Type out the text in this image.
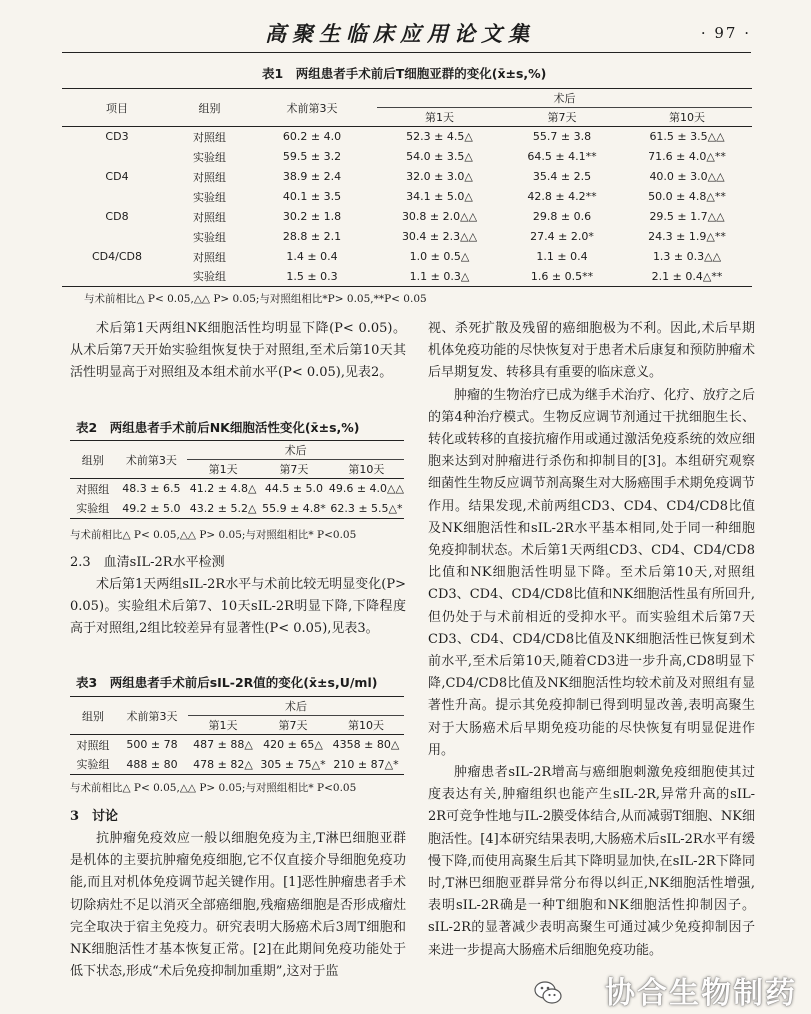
高聚生临床应用论文集	· 97 ·
表1　两组患者手术前后T细胞亚群的变化(x̄±s,%)
项目	组别	术前第3天	术后		
			第1天	第7天	第10天
CD3	对照组	60.2 ± 4.0	52.3 ± 4.5△	55.7 ± 3.8	61.5 ± 3.5△△
	实验组	59.5 ± 3.2	54.0 ± 3.5△	64.5 ± 4.1**	71.6 ± 4.0△**
CD4	对照组	38.9 ± 2.4	32.0 ± 3.0△	35.4 ± 2.5	40.0 ± 3.0△△
	实验组	40.1 ± 3.5	34.1 ± 5.0△	42.8 ± 4.2**	50.0 ± 4.8△**
CD8	对照组	30.2 ± 1.8	30.8 ± 2.0△△	29.8 ± 0.6	29.5 ± 1.7△△
	实验组	28.8 ± 2.1	30.4 ± 2.3△△	27.4 ± 2.0*	24.3 ± 1.9△**
CD4/CD8	对照组	1.4 ± 0.4	1.0 ± 0.5△	1.1 ± 0.4	1.3 ± 0.3△△
	实验组	1.5 ± 0.3	1.1 ± 0.3△	1.6 ± 0.5**	2.1 ± 0.4△**
与术前相比△ P< 0.05,△△ P> 0.05;与对照组相比*P> 0.05,**P< 0.05

术后第1天两组NK细胞活性均明显下降(P< 0.05)。从术后第7天开始实验组恢复快于对照组,至术后第10天其活性明显高于对照组及本组术前水平(P< 0.05),见表2。

表2　两组患者手术前后NK细胞活性变化(x̄±s,%)
组别	术前第3天	术后		
		第1天	第7天	第10天
对照组	48.3 ± 6.5	41.2 ± 4.8△	44.5 ± 5.0	49.6 ± 4.0△△
实验组	49.2 ± 5.0	43.2 ± 5.2△	55.9 ± 4.8*	62.3 ± 5.5△*
与术前相比△ P< 0.05,△△ P> 0.05;与对照组相比* P<0.05
2.3　血清sIL-2R水平检测

术后第1天两组sIL-2R水平与术前比较无明显变化(P> 0.05)。实验组术后第7、10天sIL-2R明显下降,下降程度高于对照组,2组比较差异有显著性(P< 0.05),见表3。

表3　两组患者手术前后sIL-2R值的变化(x̄±s,U/ml)
组别	术前第3天	术后		
		第1天	第7天	第10天
对照组	500 ± 78	487 ± 88△	420 ± 65△	4358 ± 80△
实验组	488 ± 80	478 ± 82△	305 ± 75△*	210 ± 87△*
与术前相比△ P< 0.05,△△ P> 0.05;与对照组相比* P<0.05
3　讨论

抗肿瘤免疫效应一般以细胞免疫为主,T淋巴细胞亚群是机体的主要抗肿瘤免疫细胞,它不仅直接介导细胞免疫功能,而且对机体免疫调节起关键作用。[1]恶性肿瘤患者手术切除病灶不足以消灭全部癌细胞,残瘤癌细胞是否形成瘤灶完全取决于宿主免疫力。研究表明大肠癌术后3周T细胞和NK细胞活性才基本恢复正常。[2]在此期间免疫功能处于低下状态,形成“术后免疫抑制加重期”,这对于监

视、杀死扩散及残留的癌细胞极为不利。因此,术后早期机体免疫功能的尽快恢复对于患者术后康复和预防肿瘤术后早期复发、转移具有重要的临床意义。

肿瘤的生物治疗已成为继手术治疗、化疗、放疗之后的第4种治疗模式。生物反应调节剂通过干扰细胞生长、转化或转移的直接抗瘤作用或通过激活免疫系统的效应细胞来达到对肿瘤进行杀伤和抑制目的[3]。本组研究观察细菌性生物反应调节剂高聚生对大肠癌围手术期免疫调节作用。结果发现,术前两组CD3、CD4、CD4/CD8比值及NK细胞活性和sIL-2R水平基本相同,处于同一种细胞免疫抑制状态。术后第1天两组CD3、CD4、CD4/CD8比值和NK细胞活性明显下降。至术后第10天,对照组CD3、CD4、CD4/CD8比值和NK细胞活性虽有所回升,但仍处于与术前相近的受抑水平。而实验组术后第7天CD3、CD4、CD4/CD8比值及NK细胞活性已恢复到术前水平,至术后第10天,随着CD3进一步升高,CD8明显下降,CD4/CD8比值及NK细胞活性均较术前及对照组有显著性升高。提示其免疫抑制已得到明显改善,表明高聚生对于大肠癌术后早期免疫功能的尽快恢复有明显促进作用。

肿瘤患者sIL-2R增高与癌细胞刺激免疫细胞使其过度表达有关,肿瘤组织也能产生sIL-2R,异常升高的sIL-2R可竞争性地与IL-2膜受体结合,从而减弱T细胞、NK细胞活性。[4]本研究结果表明,大肠癌术后sIL-2R水平有缓慢下降,而使用高聚生后其下降明显加快,在sIL-2R下降同时,T淋巴细胞亚群异常分布得以纠正,NK细胞活性增强,表明sIL-2R确是一种T细胞和NK细胞活性抑制因子。sIL-2R的显著减少表明高聚生可通过减少免疫抑制因子来进一步提高大肠癌术后细胞免疫功能。

协合生物制药
